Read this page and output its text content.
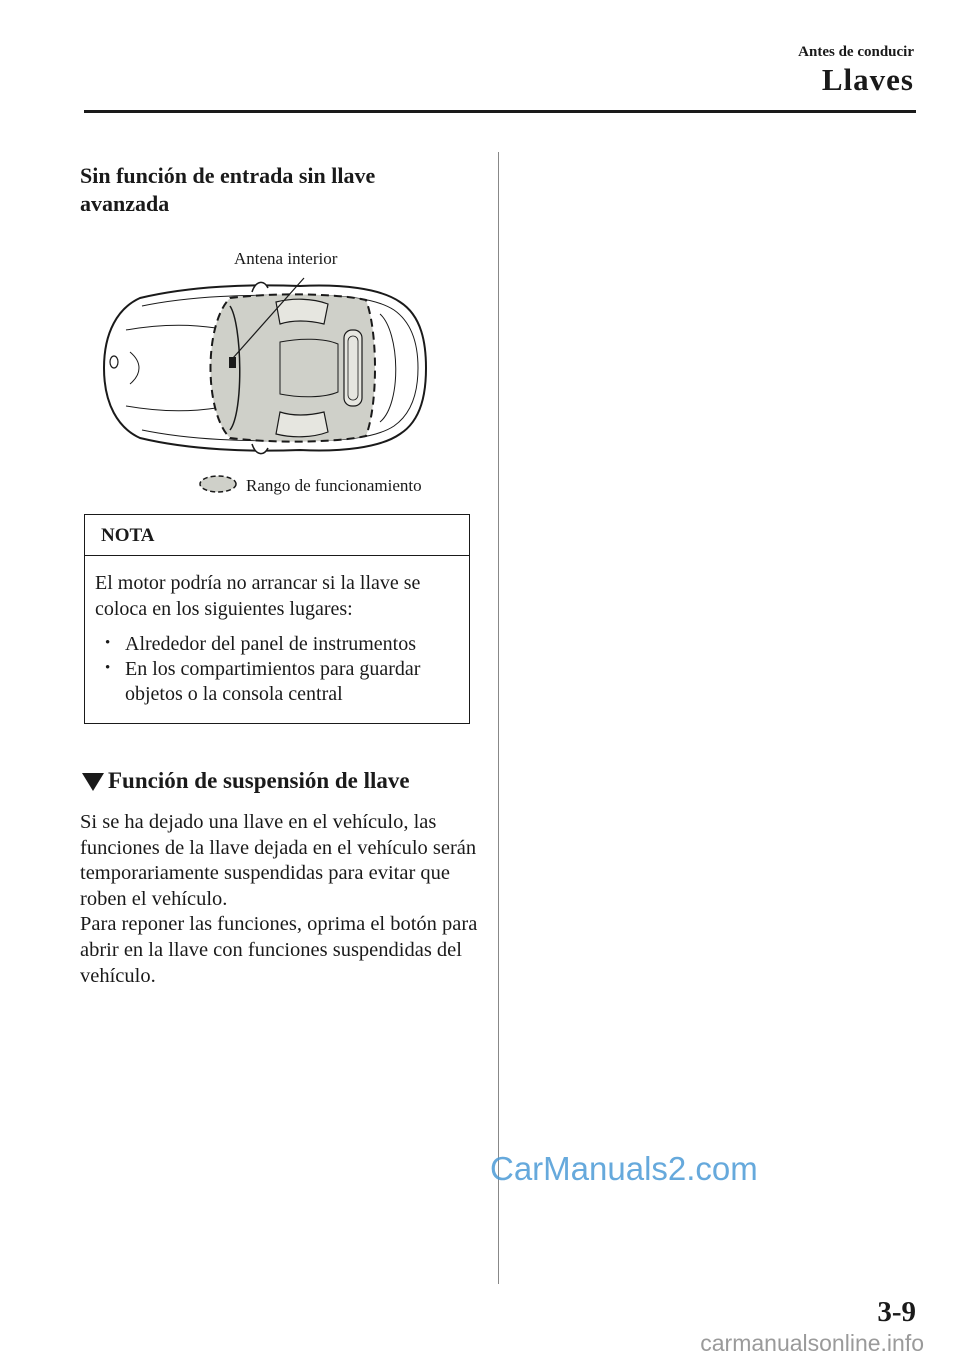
Antes de conducir
Llaves
Sin función de entrada sin llave avanzada
Antena interior
Rango de funcionamiento
NOTA
El motor podría no arrancar si la llave se coloca en los siguientes lugares:
• Alrededor del panel de instrumentos
• En los compartimientos para guardar objetos o la consola central
Función de suspensión de llave

Si se ha dejado una llave en el vehículo, las funciones de la llave dejada en el vehículo serán temporariamente suspendidas para evitar que roben el vehículo.

Para reponer las funciones, oprima el botón para abrir en la llave con funciones suspendidas del vehículo.

CarManuals2.com
3-9
carmanualsonline.info
